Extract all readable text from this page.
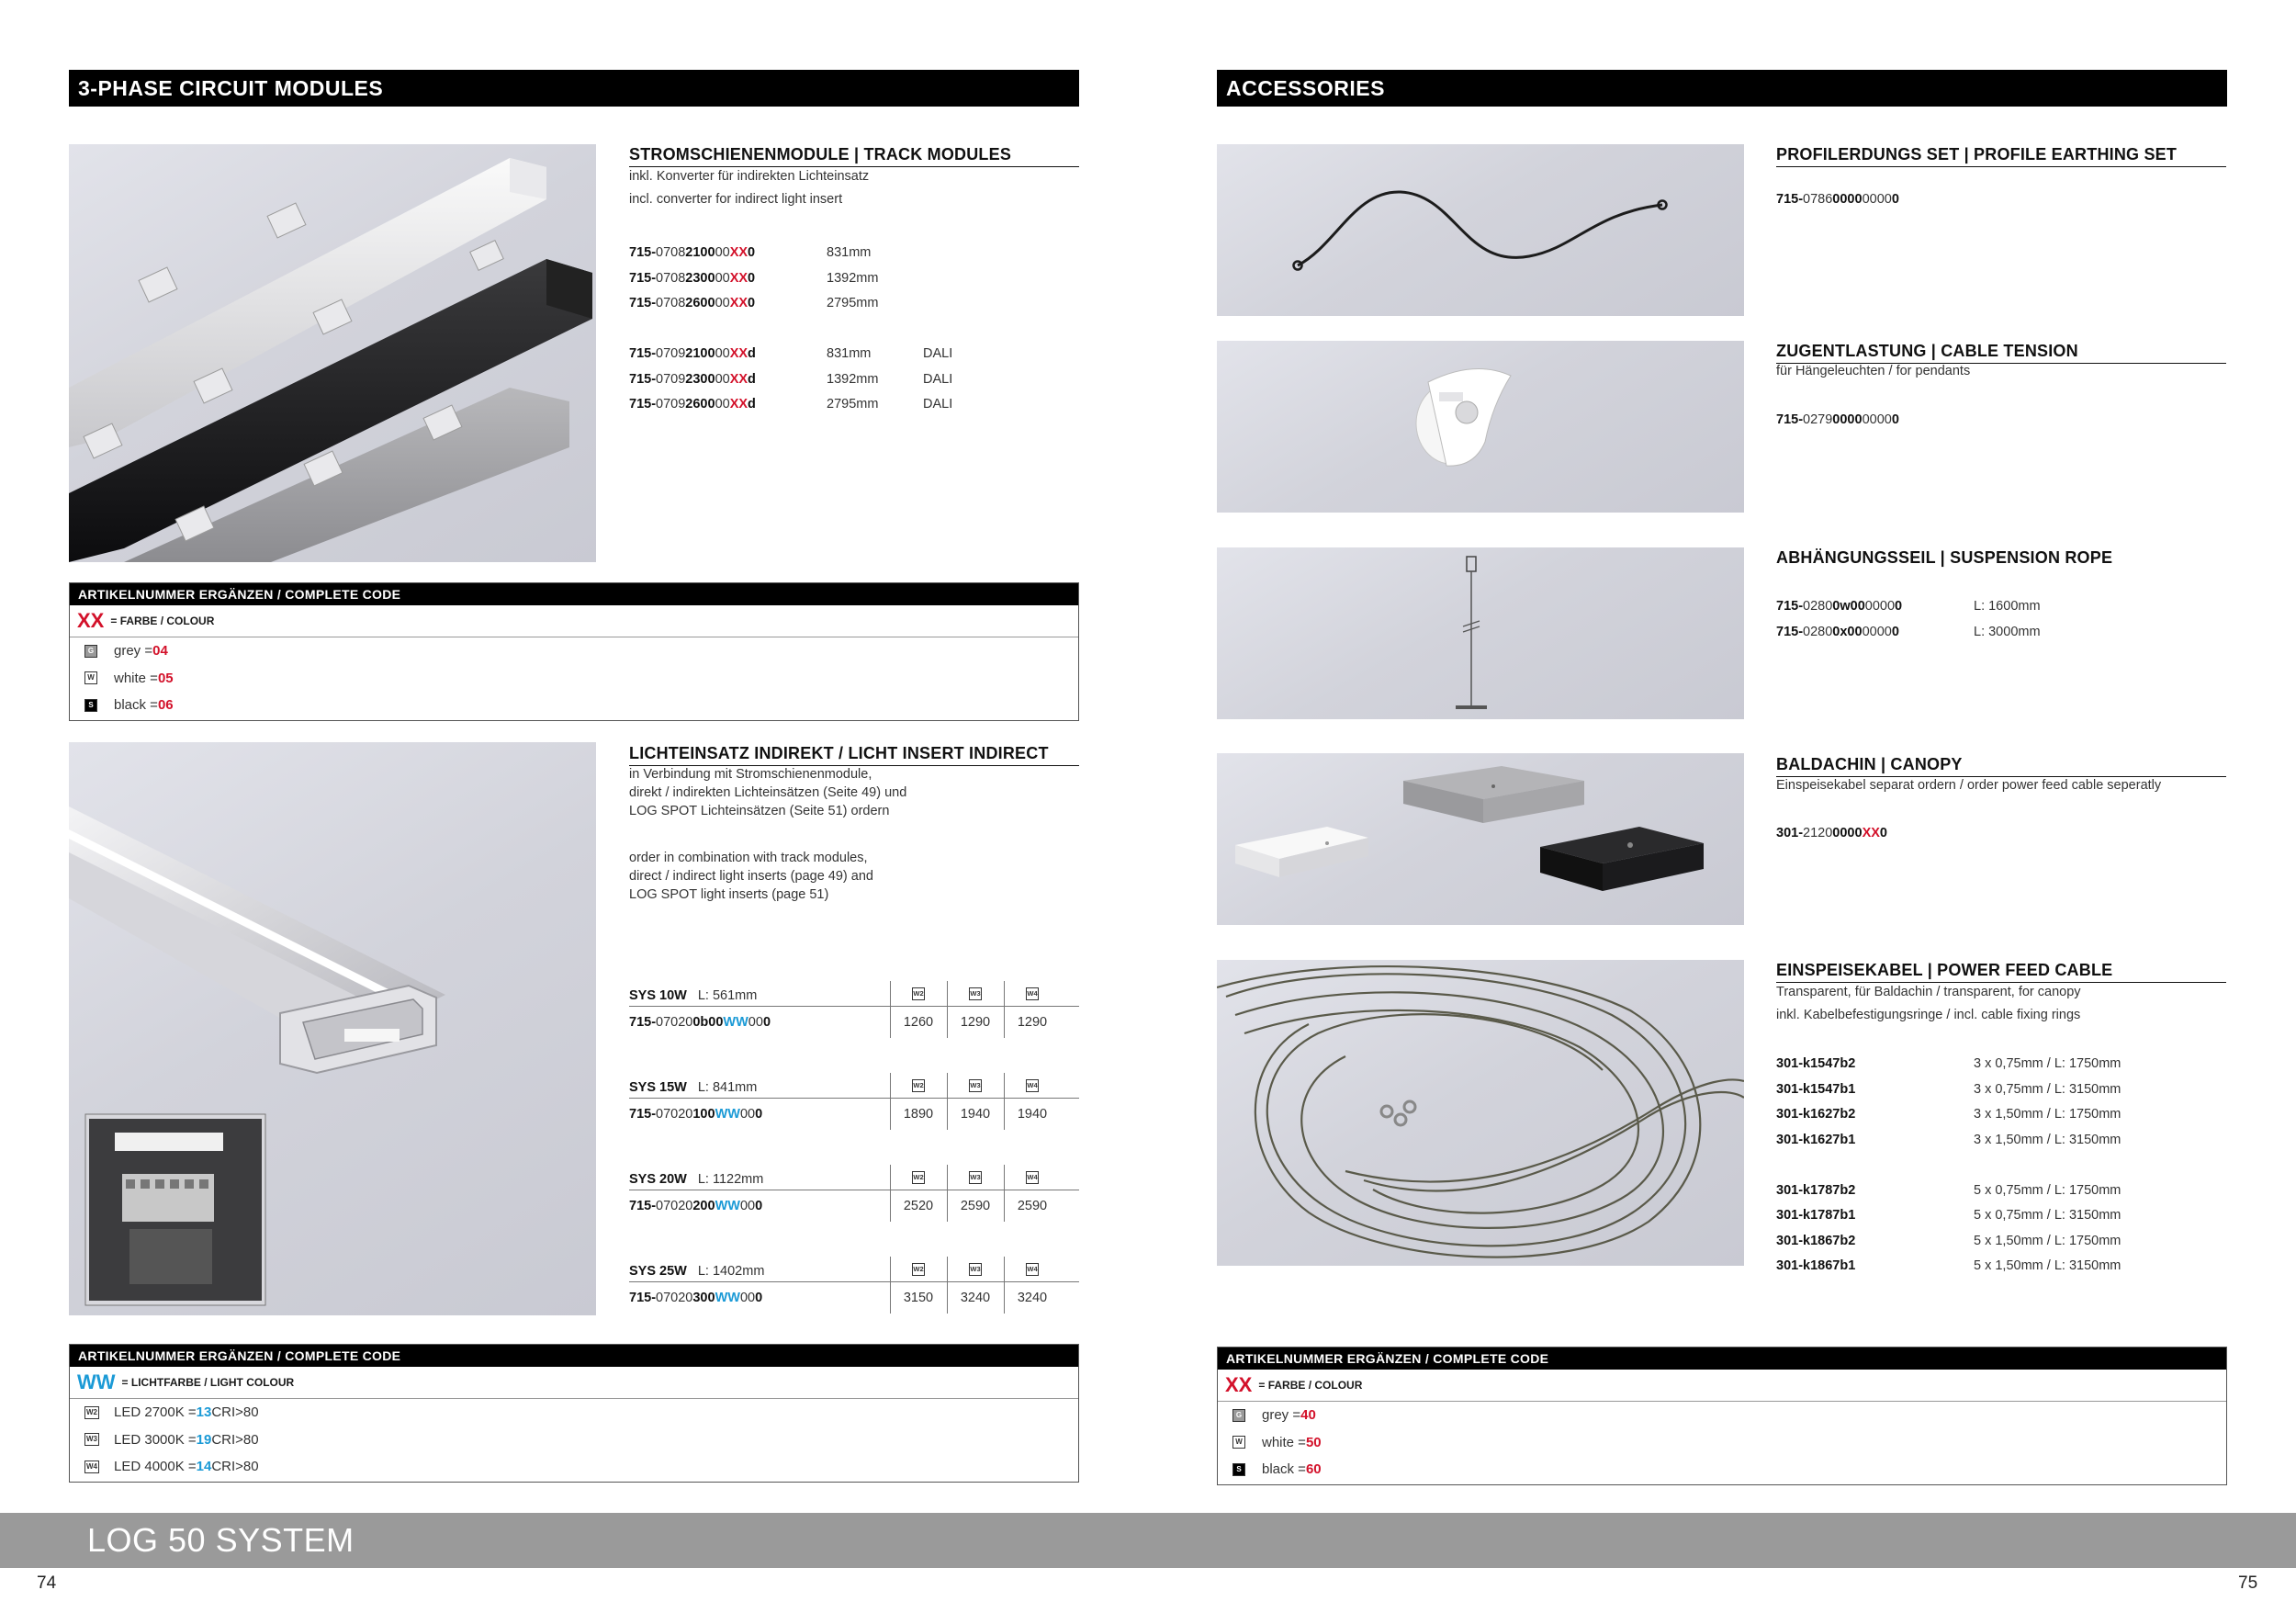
3-PHASE CIRCUIT MODULES
STROMSCHIENENMODULE | TRACK MODULES
inkl. Konverter für indirekten Lichteinsatz
incl. converter for indirect light insert
715-0708210000XX0	831mm
715-0708230000XX0	1392mm
715-0708260000XX0	2795mm
715-0709210000XXd	831mm	DALI
715-0709230000XXd	1392mm	DALI
715-0709260000XXd	2795mm	DALI
ARTIKELNUMMER ERGÄNZEN / COMPLETE CODE
XX = FARBE / COLOUR
G grey = 04
W white = 05
S black = 06
LICHTEINSATZ INDIREKT / LICHT INSERT INDIRECT
in Verbindung mit Stromschienenmodule,
direkt / indirekten Lichteinsätzen (Seite 49) und
LOG SPOT Lichteinsätzen (Seite 51) ordern
order in combination with track modules,
direct / indirect light inserts (page 49) and
LOG SPOT light inserts (page 51)
SYS 10W L: 561mm	W2	W3	W4
715- 07020 0b00 WW 00 0	1260	1290	1290
SYS 15W L: 841mm	W2	W3	W4
715- 07020 100 WW 00 0	1890	1940	1940
SYS 20W L: 1122mm	W2	W3	W4
715- 07020 200 WW 00 0	2520	2590	2590
SYS 25W L: 1402mm	W2	W3	W4
715- 07020 300 WW 00 0	3150	3240	3240
ARTIKELNUMMER ERGÄNZEN / COMPLETE CODE
WW = LICHTFARBE / LIGHT COLOUR
W2 LED 2700K = 13 CRI>80
W3 LED 3000K = 19 CRI>80
W4 LED 4000K = 14 CRI>80
ACCESSORIES
PROFILERDUNGS SET | PROFILE EARTHING SET
715-0786000000000
ZUGENTLASTUNG | CABLE TENSION
für Hängeleuchten / for pendants
715-0279000000000
ABHÄNGUNGSSEIL | SUSPENSION ROPE
715-02800w0000000	L: 1600mm
715-02800x0000000	L: 3000mm
BALDACHIN | CANOPY
Einspeisekabel separat ordern / order power feed cable seperatly
301-21200000XX0
EINSPEISEKABEL | POWER FEED CABLE
Transparent, für Baldachin / transparent, for canopy
inkl. Kabelbefestigungsringe / incl. cable fixing rings
301-k1547b2	3 x 0,75mm / L: 1750mm
301-k1547b1	3 x 0,75mm / L: 3150mm
301-k1627b2	3 x 1,50mm / L: 1750mm
301-k1627b1	3 x 1,50mm / L: 3150mm
301-k1787b2	5 x 0,75mm / L: 1750mm
301-k1787b1	5 x 0,75mm / L: 3150mm
301-k1867b2	5 x 1,50mm / L: 1750mm
301-k1867b1	5 x 1,50mm / L: 3150mm
ARTIKELNUMMER ERGÄNZEN / COMPLETE CODE
XX = FARBE / COLOUR
G grey = 40
W white = 50
S black = 60
LOG 50 SYSTEM
74	75
